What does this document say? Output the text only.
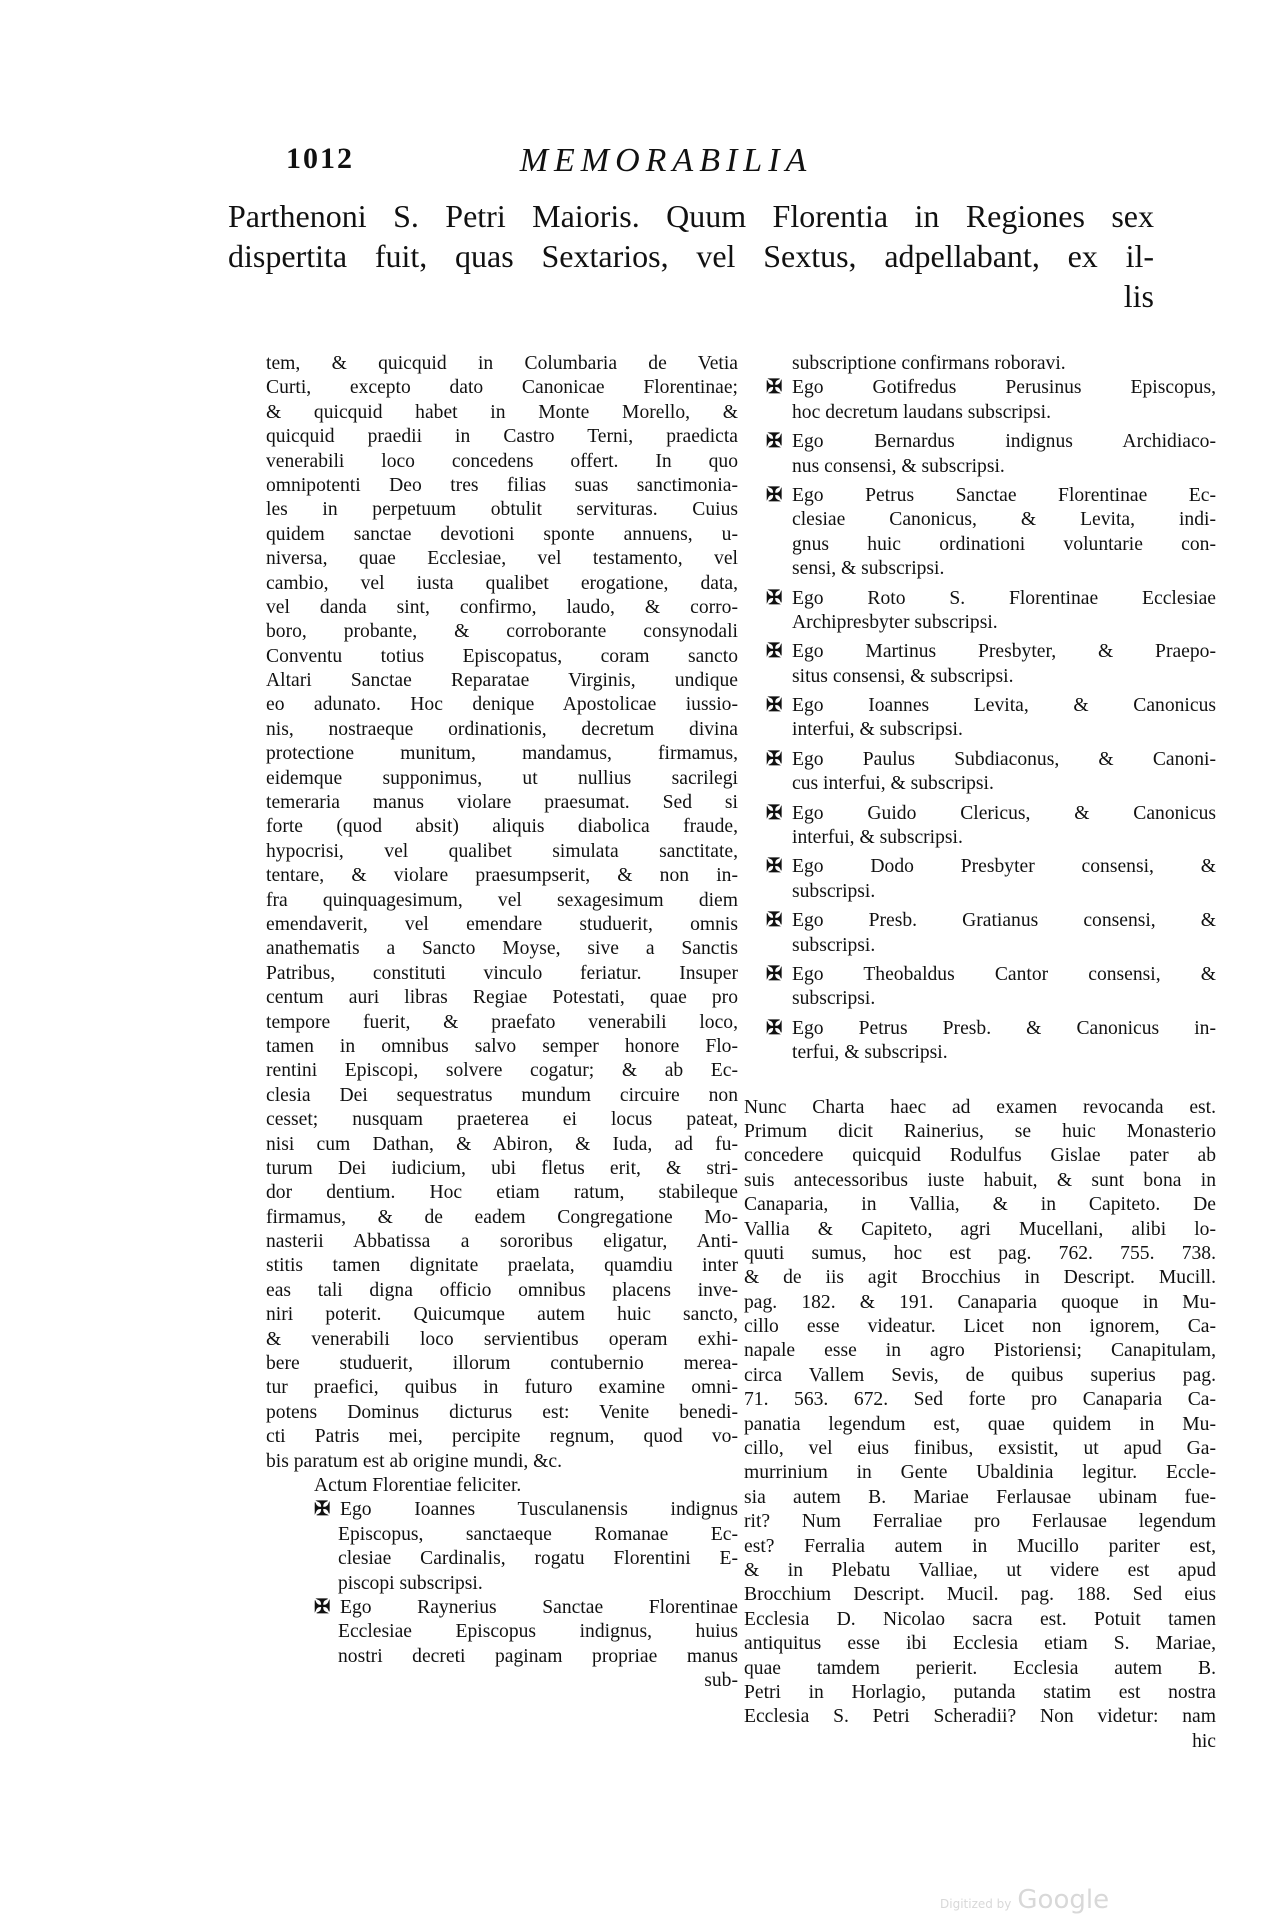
1012	MEMORABILIA
Parthenoni S. Petri Maioris. Quum Florentia in Regiones sex
dispertita fuit, quas Sextarios, vel Sextus, adpellabant, ex il-
lis
tem, & quicquid in Columbaria de Vetia
Curti, excepto dato Canonicae Florentinae;
& quicquid habet in Monte Morello, &
quicquid praedii in Castro Terni, praedicta
venerabili loco concedens offert. In quo
omnipotenti Deo tres filias suas sanctimonia-
les in perpetuum obtulit servituras. Cuius
quidem sanctae devotioni sponte annuens, u-
niversa, quae Ecclesiae, vel testamento, vel
cambio, vel iusta qualibet erogatione, data,
vel danda sint, confirmo, laudo, & corro-
boro, probante, & corroborante consynodali
Conventu totius Episcopatus, coram sancto
Altari Sanctae Reparatae Virginis, undique
eo adunato. Hoc denique Apostolicae iussio-
nis, nostraeque ordinationis, decretum divina
protectione munitum, mandamus, firmamus,
eidemque supponimus, ut nullius sacrilegi
temeraria manus violare praesumat. Sed si
forte (quod absit) aliquis diabolica fraude,
hypocrisi, vel qualibet simulata sanctitate,
tentare, & violare praesumpserit, & non in-
fra quinquagesimum, vel sexagesimum diem
emendaverit, vel emendare studuerit, omnis
anathematis a Sancto Moyse, sive a Sanctis
Patribus, constituti vinculo feriatur. Insuper
centum auri libras Regiae Potestati, quae pro
tempore fuerit, & praefato venerabili loco,
tamen in omnibus salvo semper honore Flo-
rentini Episcopi, solvere cogatur; & ab Ec-
clesia Dei sequestratus mundum circuire non
cesset; nusquam praeterea ei locus pateat,
nisi cum Dathan, & Abiron, & Iuda, ad fu-
turum Dei iudicium, ubi fletus erit, & stri-
dor dentium. Hoc etiam ratum, stabileque
firmamus, & de eadem Congregatione Mo-
nasterii Abbatissa a sororibus eligatur, Anti-
stitis tamen dignitate praelata, quamdiu inter
eas tali digna officio omnibus placens inve-
niri poterit. Quicumque autem huic sancto,
& venerabili loco servientibus operam exhi-
bere studuerit, illorum contubernio merea-
tur praefici, quibus in futuro examine omni-
potens Dominus dicturus est: Venite benedi-
cti Patris mei, percipite regnum, quod vo-
bis paratum est ab origine mundi, &c.
Actum Florentiae feliciter.
✠ Ego Ioannes Tusculanensis indignus
Episcopus, sanctaeque Romanae Ec-
clesiae Cardinalis, rogatu Florentini E-
piscopi subscripsi.
✠ Ego Raynerius Sanctae Florentinae
Ecclesiae Episcopus indignus, huius
nostri decreti paginam propriae manus
sub-
subscriptione confirmans roboravi.
✠ Ego Gotifredus Perusinus Episcopus,
hoc decretum laudans subscripsi.
✠ Ego Bernardus indignus Archidiaco-
nus consensi, & subscripsi.
✠ Ego Petrus Sanctae Florentinae Ec-
clesiae Canonicus, & Levita, indi-
gnus huic ordinationi voluntarie con-
sensi, & subscripsi.
✠ Ego Roto S. Florentinae Ecclesiae
Archipresbyter subscripsi.
✠ Ego Martinus Presbyter, & Praepo-
situs consensi, & subscripsi.
✠ Ego Ioannes Levita, & Canonicus
interfui, & subscripsi.
✠ Ego Paulus Subdiaconus, & Canoni-
cus interfui, & subscripsi.
✠ Ego Guido Clericus, & Canonicus
interfui, & subscripsi.
✠ Ego Dodo Presbyter consensi, &
subscripsi.
✠ Ego Presb. Gratianus consensi, &
subscripsi.
✠ Ego Theobaldus Cantor consensi, &
subscripsi.
✠ Ego Petrus Presb. & Canonicus in-
terfui, & subscripsi.
Nunc Charta haec ad examen revocanda est.
Primum dicit Rainerius, se huic Monasterio
concedere quicquid Rodulfus Gislae pater ab
suis antecessoribus iuste habuit, & sunt bona in
Canaparia, in Vallia, & in Capiteto. De
Vallia & Capiteto, agri Mucellani, alibi lo-
quuti sumus, hoc est pag. 762. 755. 738.
& de iis agit Brocchius in Descript. Mucill.
pag. 182. & 191. Canaparia quoque in Mu-
cillo esse videatur. Licet non ignorem, Ca-
napale esse in agro Pistoriensi; Canapitulam,
circa Vallem Sevis, de quibus superius pag.
71. 563. 672. Sed forte pro Canaparia Ca-
panatia legendum est, quae quidem in Mu-
cillo, vel eius finibus, exsistit, ut apud Ga-
murrinium in Gente Ubaldinia legitur. Eccle-
sia autem B. Mariae Ferlausae ubinam fue-
rit? Num Ferraliae pro Ferlausae legendum
est? Ferralia autem in Mucillo pariter est,
& in Plebatu Valliae, ut videre est apud
Brocchium Descript. Mucil. pag. 188. Sed eius
Ecclesia D. Nicolao sacra est. Potuit tamen
antiquitus esse ibi Ecclesia etiam S. Mariae,
quae tamdem perierit. Ecclesia autem B.
Petri in Horlagio, putanda statim est nostra
Ecclesia S. Petri Scheradii? Non videtur: nam
hic
Digitized by Google
